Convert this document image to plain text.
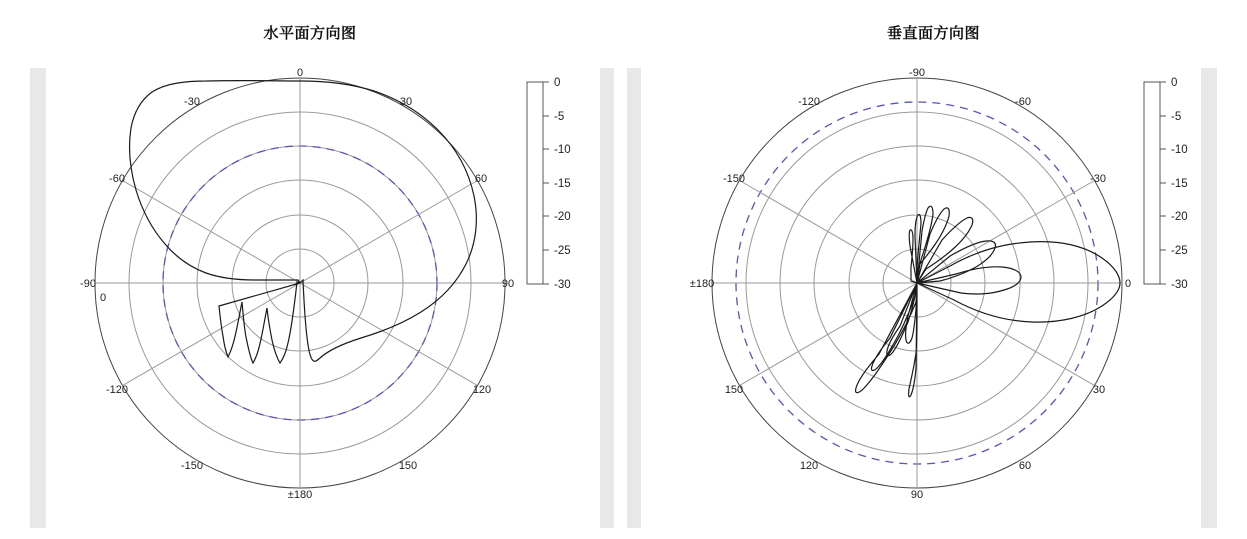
水平面方向图
0
30
60
90
120
150
±180
-150
-120
-90
-60
-30
0
0
-5
-10
-15
-20
-25
-30
垂直面方向图
-90
-60
-30
0
30
60
90
120
150
±180
-150
-120
0
-5
-10
-15
-20
-25
-30
